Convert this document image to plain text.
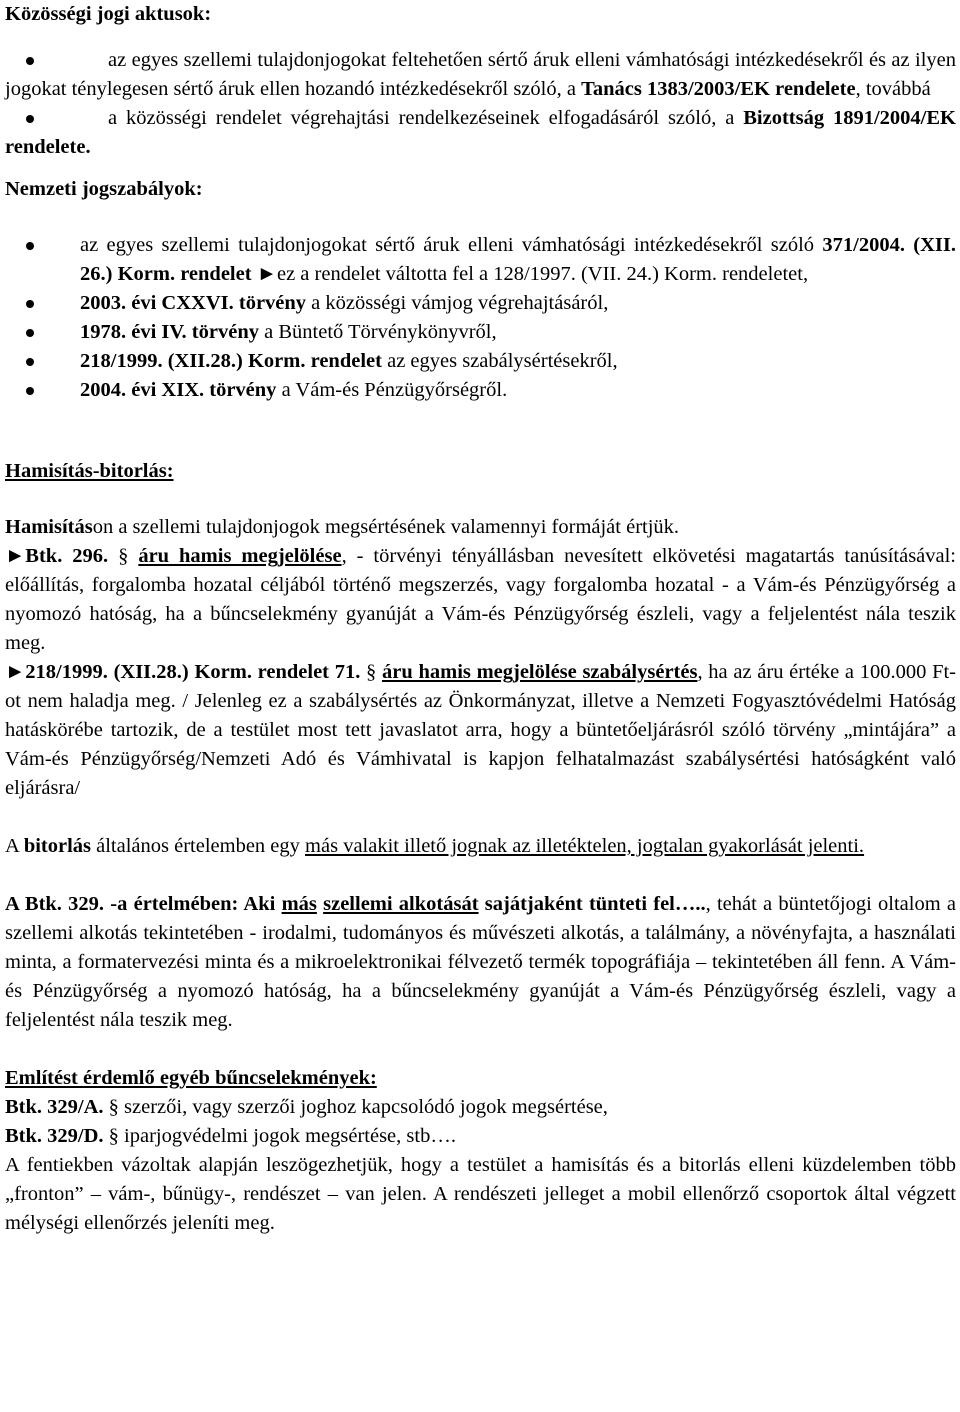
Közösségi jogi aktusok:

az egyes szellemi tulajdonjogokat feltehetően sértő áruk elleni vámhatósági intézkedésekről és az ilyen jogokat ténylegesen sértő áruk ellen hozandó intézkedésekről szóló, a Tanács 1383/2003/EK rendelete, továbbá
a közösségi rendelet végrehajtási rendelkezéseinek elfogadásáról szóló, a Bizottság 1891/2004/EK rendelete.

Nemzeti jogszabályok:

az egyes szellemi tulajdonjogokat sértő áruk elleni vámhatósági intézkedésekről szóló 371/2004. (XII. 26.) Korm. rendelet ►ez a rendelet váltotta fel a 128/1997. (VII. 24.) Korm. rendeletet,
2003. évi CXXVI. törvény a közösségi vámjog végrehajtásáról,
1978. évi IV. törvény a Büntető Törvénykönyvről,
218/1999. (XII.28.) Korm. rendelet az egyes szabálysértésekről,
2004. évi XIX. törvény a Vám-és Pénzügyőrségről.

Hamisítás-bitorlás:

Hamisításon a szellemi tulajdonjogok megsértésének valamennyi formáját értjük.

►Btk. 296. § áru hamis megjelölése, - törvényi tényállásban nevesített elkövetési magatartás tanúsításával: előállítás, forgalomba hozatal céljából történő megszerzés, vagy forgalomba hozatal - a Vám-és Pénzügyőrség a nyomozó hatóság, ha a bűncselekmény gyanúját a Vám-és Pénzügyőrség észleli, vagy a feljelentést nála teszik meg.

►218/1999. (XII.28.) Korm. rendelet 71. § áru hamis megjelölése szabálysértés, ha az áru értéke a 100.000 Ft-ot nem haladja meg. / Jelenleg ez a szabálysértés az Önkormányzat, illetve a Nemzeti Fogyasztóvédelmi Hatóság hatáskörébe tartozik, de a testület most tett javaslatot arra, hogy a büntetőeljárásról szóló törvény „mintájára” a Vám-és Pénzügyőrség/Nemzeti Adó és Vámhivatal is kapjon felhatalmazást szabálysértési hatóságként való eljárásra/

A bitorlás általános értelemben egy más valakit illető jognak az illetéktelen, jogtalan gyakorlását jelenti.

A Btk. 329. -a értelmében: Aki más szellemi alkotását sajátjaként tünteti fel….., tehát a büntetőjogi oltalom a szellemi alkotás tekintetében - irodalmi, tudományos és művészeti alkotás, a találmány, a növényfajta, a használati minta, a formatervezési minta és a mikroelektronikai félvezető termék topográfiája – tekintetében áll fenn. A Vám-és Pénzügyőrség a nyomozó hatóság, ha a bűncselekmény gyanúját a Vám-és Pénzügyőrség észleli, vagy a feljelentést nála teszik meg.

Említést érdemlő egyéb bűncselekmények:

Btk. 329/A. § szerzői, vagy szerzői joghoz kapcsolódó jogok megsértése,

Btk. 329/D. § iparjogvédelmi jogok megsértése, stb….

A fentiekben vázoltak alapján leszögezhetjük, hogy a testület a hamisítás és a bitorlás elleni küzdelemben több „fronton” – vám-, bűnügy-, rendészet – van jelen. A rendészeti jelleget a mobil ellenőrző csoportok által végzett mélységi ellenőrzés jeleníti meg.
